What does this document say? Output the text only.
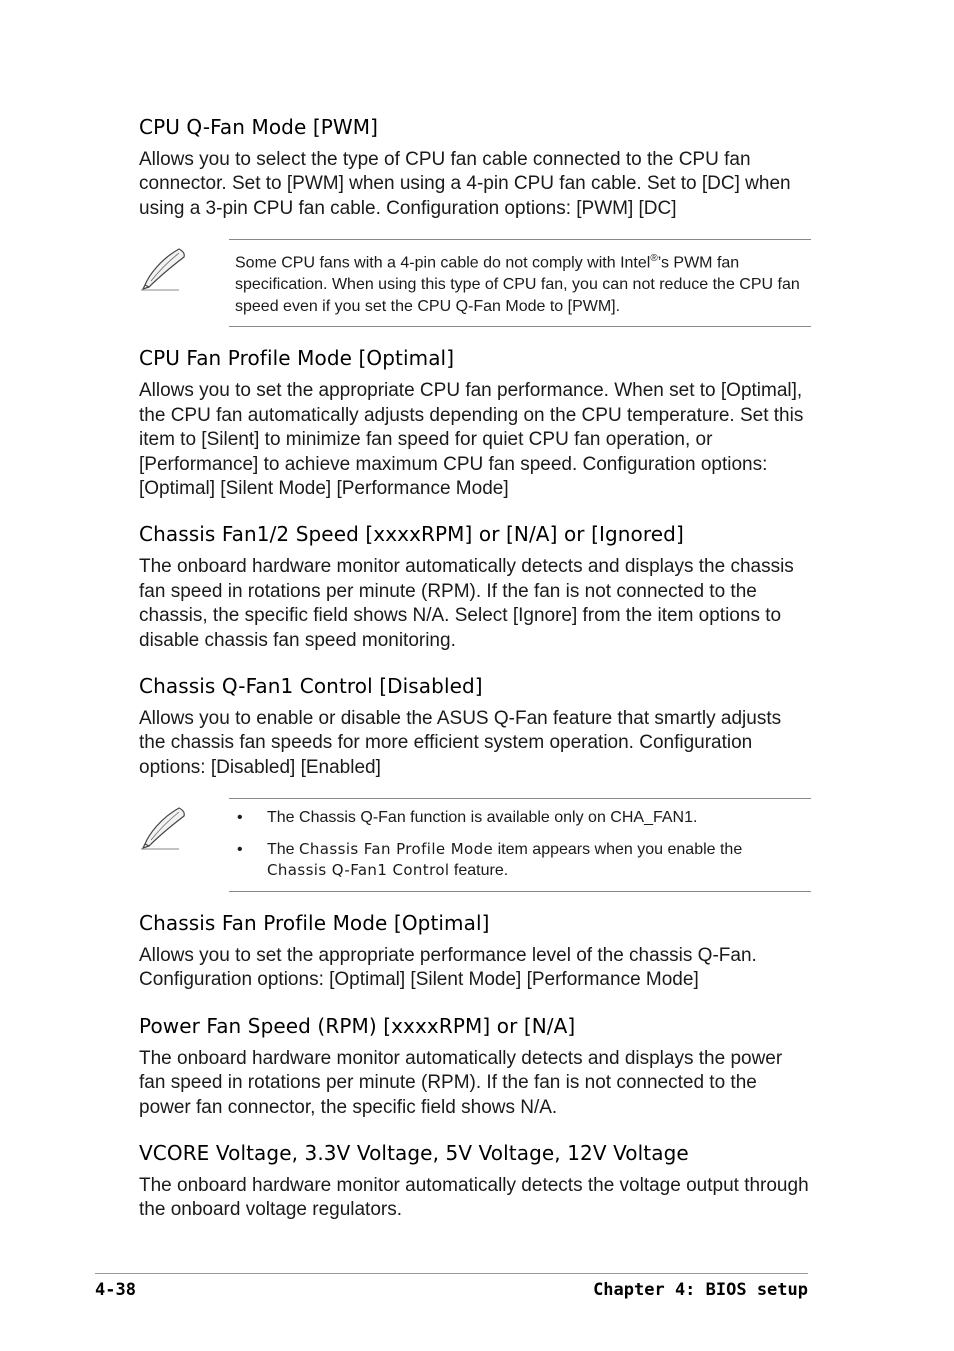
CPU Q-Fan Mode [PWM]

Allows you to select the type of CPU fan cable connected to the CPU fan connector. Set to [PWM] when using a 4-pin CPU fan cable. Set to [DC] when using a 3-pin CPU fan cable. Configuration options: [PWM] [DC]

Some CPU fans with a 4-pin cable do not comply with Intel®’s PWM fan specification. When using this type of CPU fan, you can not reduce the CPU fan speed even if you set the CPU Q-Fan Mode to [PWM].
CPU Fan Profile Mode [Optimal]

Allows you to set the appropriate CPU fan performance. When set to [Optimal], the CPU fan automatically adjusts depending on the CPU temperature. Set this item to [Silent] to minimize fan speed for quiet CPU fan operation, or [Performance] to achieve maximum CPU fan speed. Configuration options: [Optimal] [Silent Mode] [Performance Mode]

Chassis Fan1/2 Speed [xxxxRPM] or [N/A] or [Ignored]

The onboard hardware monitor automatically detects and displays the chassis fan speed in rotations per minute (RPM). If the fan is not connected to the chassis, the specific field shows N/A. Select [Ignore] from the item options to disable chassis fan speed monitoring.

Chassis Q-Fan1 Control [Disabled]

Allows you to enable or disable the ASUS Q-Fan feature that smartly adjusts the chassis fan speeds for more efficient system operation. Configuration options: [Disabled] [Enabled]

• The Chassis Q-Fan function is available only on CHA_FAN1.
• The Chassis Fan Profile Mode item appears when you enable the Chassis Q-Fan1 Control feature.
Chassis Fan Profile Mode [Optimal]

Allows you to set the appropriate performance level of the chassis Q-Fan. Configuration options: [Optimal] [Silent Mode] [Performance Mode]

Power Fan Speed (RPM) [xxxxRPM] or [N/A]

The onboard hardware monitor automatically detects and displays the power fan speed in rotations per minute (RPM). If the fan is not connected to the power fan connector, the specific field shows N/A.

VCORE Voltage, 3.3V Voltage, 5V Voltage, 12V Voltage

The onboard hardware monitor automatically detects the voltage output through the onboard voltage regulators.

4-38	Chapter 4: BIOS setup
